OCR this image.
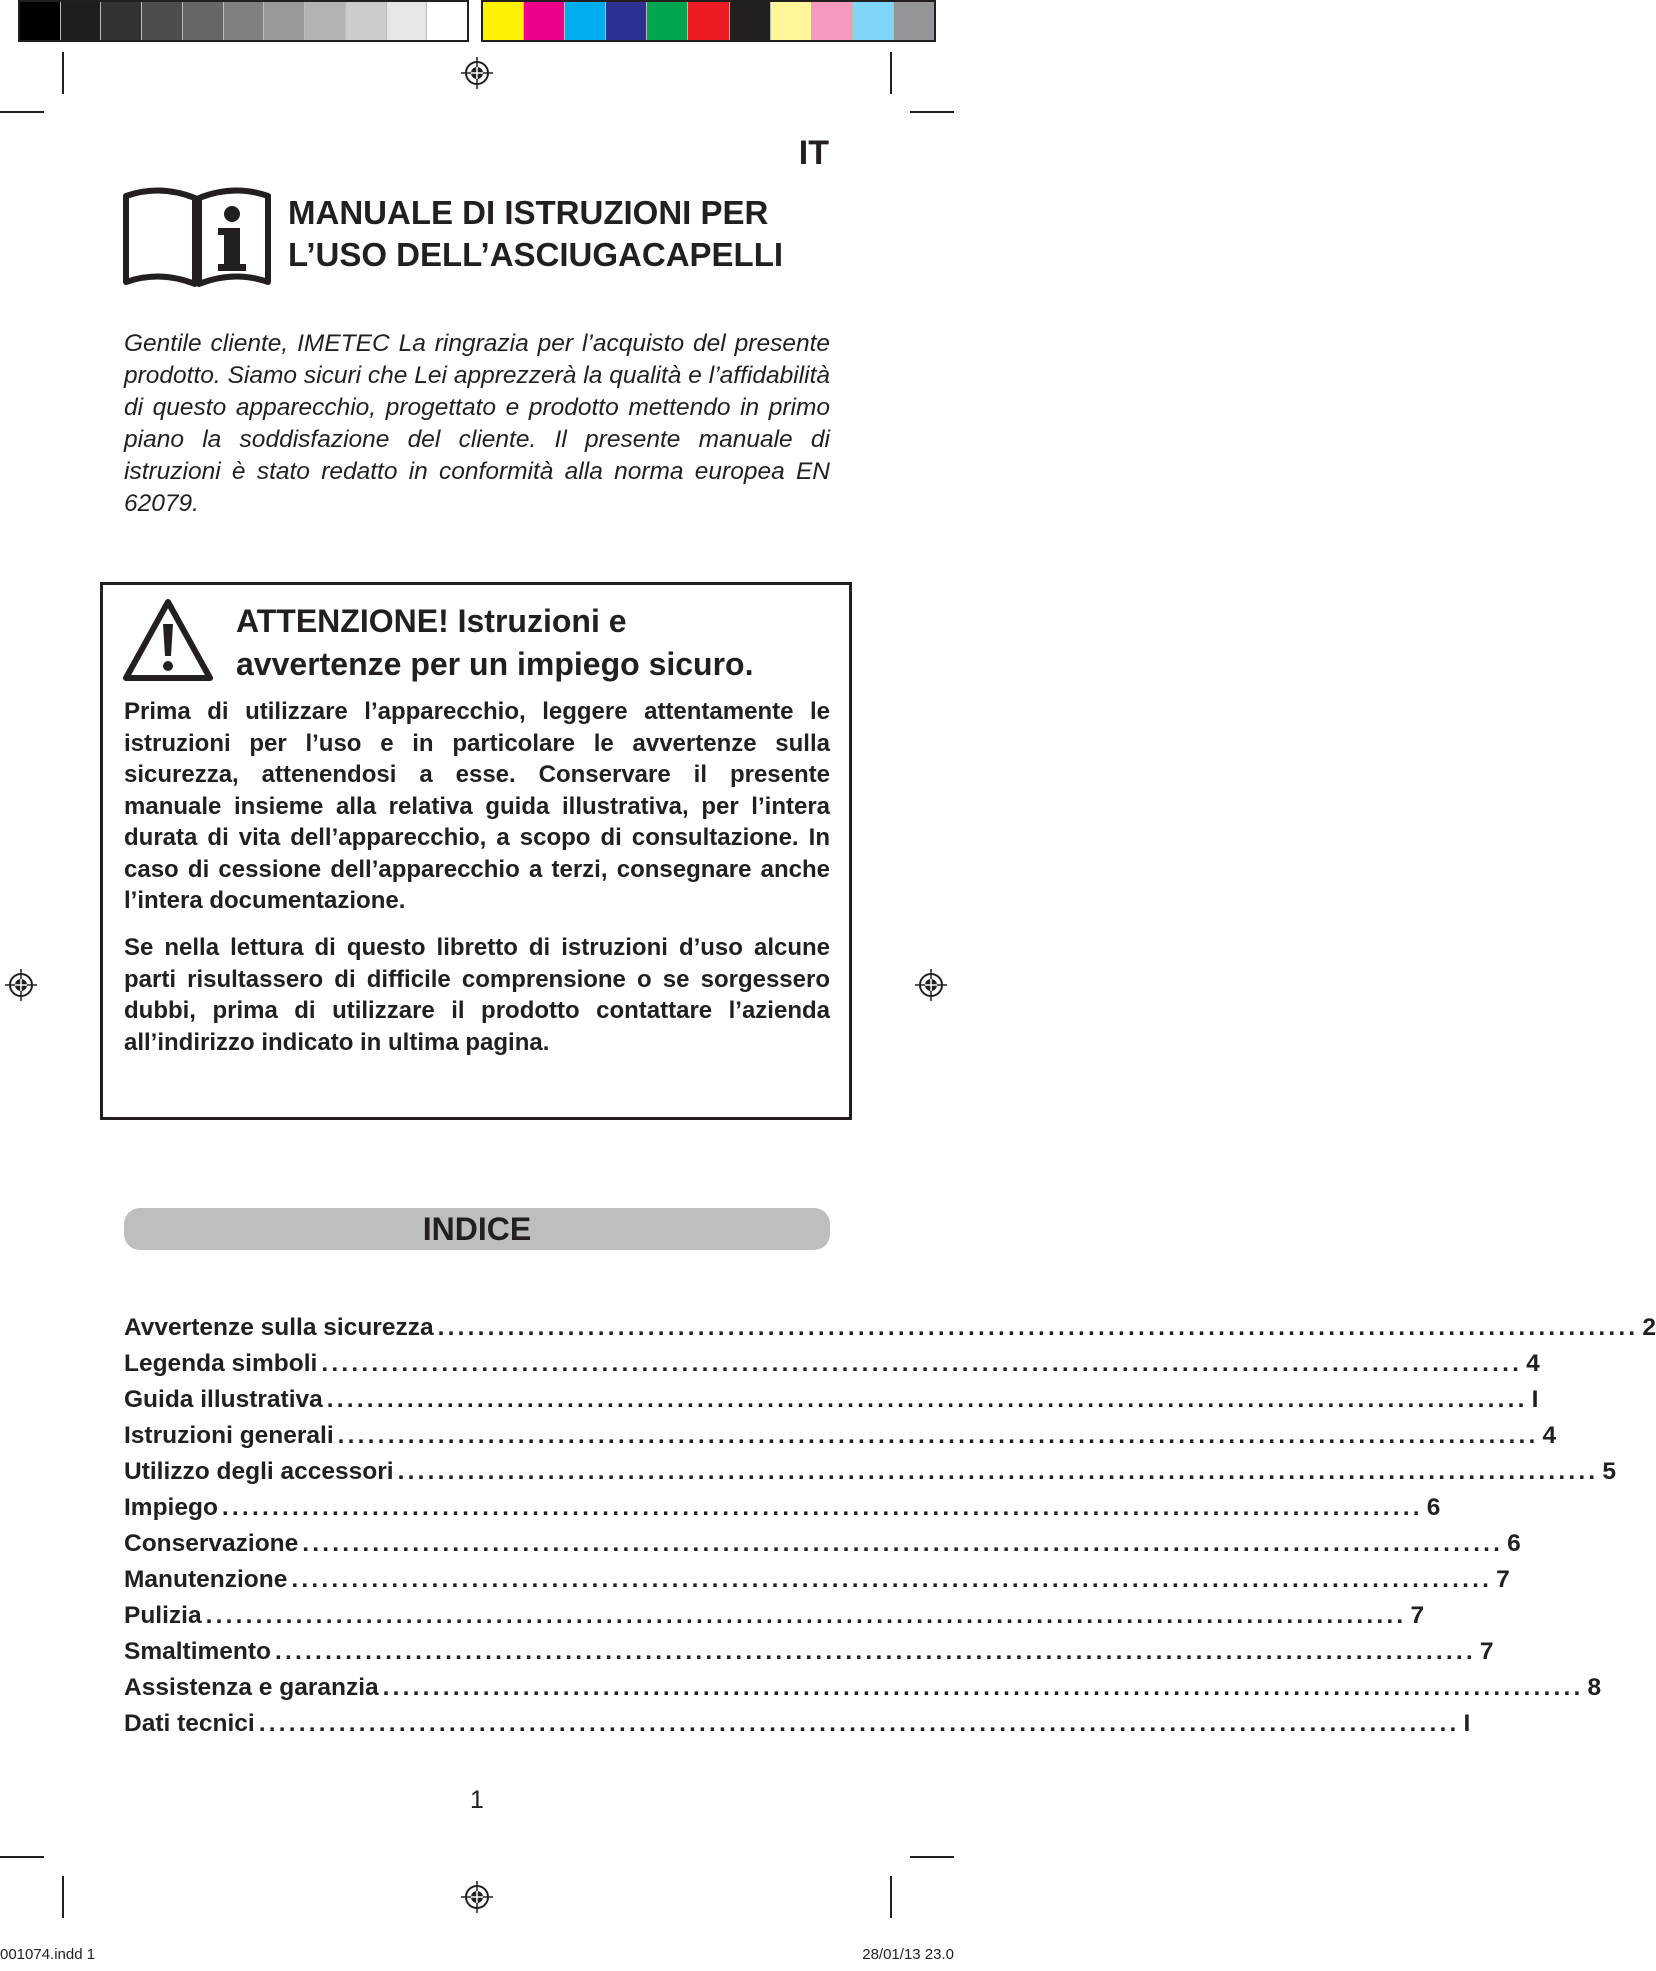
IT
MANUALE DI ISTRUZIONI PER
L’USO DELL’ASCIUGACAPELLI
Gentile cliente, IMETEC La ringrazia per l’acquisto del presente prodotto. Siamo sicuri che Lei apprezzerà la qualità e l’affidabilità di questo apparecchio, progettato e prodotto mettendo in primo piano la soddisfazione del cliente. Il presente manuale di istruzioni è stato redatto in conformità alla norma europea EN 62079.
ATTENZIONE! Istruzioni e
avvertenze per un impiego sicuro.
Prima di utilizzare l’apparecchio, leggere attentamente le istruzioni per l’uso e in particolare le avvertenze sulla sicurezza, attenendosi a esse. Conservare il presente manuale insieme alla relativa guida illustrativa, per l’intera durata di vita dell’apparecchio, a scopo di consultazione. In caso di cessione dell’apparecchio a terzi, consegnare anche l’intera documentazione.
Se nella lettura di questo libretto di istruzioni d’uso alcune parti risultassero di difficile comprensione o se sorgessero dubbi, prima di utilizzare il prodotto contattare l’azienda all’indirizzo indicato in ultima pagina.
INDICE
Avvertenze sulla sicurezza ........................................................................................................................ 2
Legenda simboli ........................................................................................................................ 4
Guida illustrativa ........................................................................................................................ I
Istruzioni generali ........................................................................................................................ 4
Utilizzo degli accessori ........................................................................................................................ 5
Impiego ........................................................................................................................ 6
Conservazione ........................................................................................................................ 6
Manutenzione ........................................................................................................................ 7
Pulizia ........................................................................................................................ 7
Smaltimento ........................................................................................................................ 7
Assistenza e garanzia ........................................................................................................................ 8
Dati tecnici ........................................................................................................................ I
1
001074.indd 1	28/01/13 23.0
